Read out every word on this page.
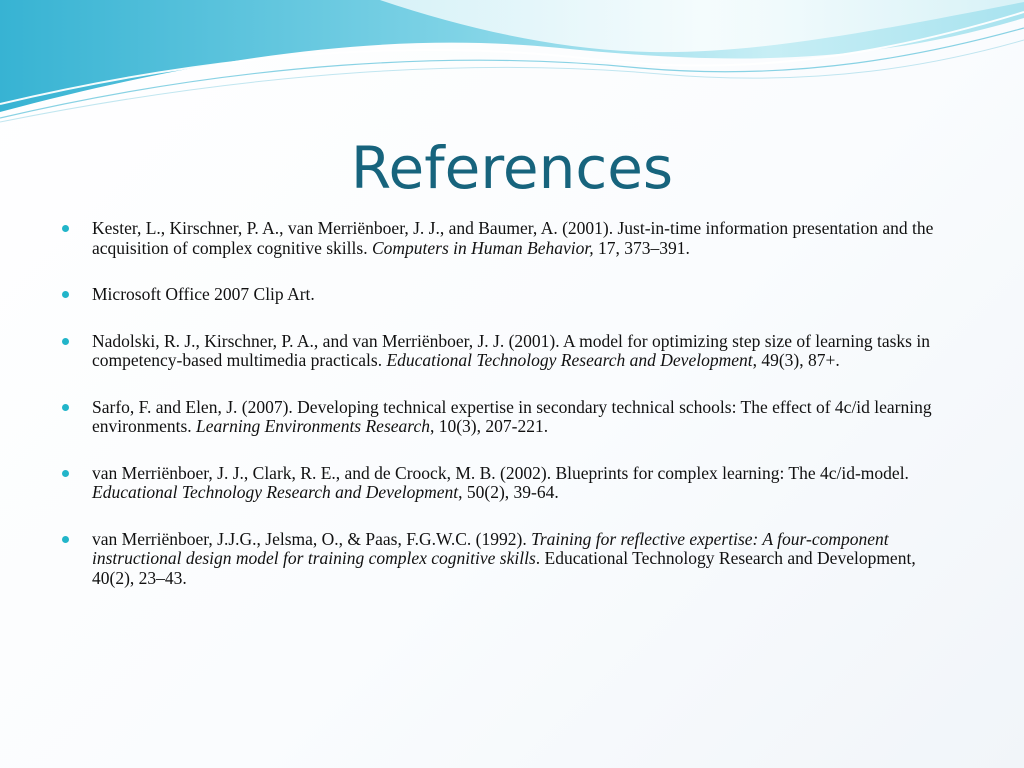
References
Kester, L., Kirschner, P. A., van Merriënboer, J. J., and Baumer, A. (2001). Just-in-time information presentation and the acquisition of complex cognitive skills. Computers in Human Behavior, 17, 373–391.
Microsoft Office 2007 Clip Art.
Nadolski, R. J., Kirschner, P. A., and van Merriënboer, J. J. (2001). A model for optimizing step size of learning tasks in competency-based multimedia practicals. Educational Technology Research and Development, 49(3), 87+.
Sarfo, F. and Elen, J. (2007). Developing technical expertise in secondary technical schools: The effect of 4c/id learning environments. Learning Environments Research, 10(3), 207-221.
van Merriënboer, J. J., Clark, R. E., and de Croock, M. B. (2002). Blueprints for complex learning: The 4c/id-model. Educational Technology Research and Development, 50(2), 39-64.
van Merriënboer, J.J.G., Jelsma, O., & Paas, F.G.W.C. (1992). Training for reflective expertise: A four-component instructional design model for training complex cognitive skills. Educational Technology Research and Development, 40(2), 23–43.
